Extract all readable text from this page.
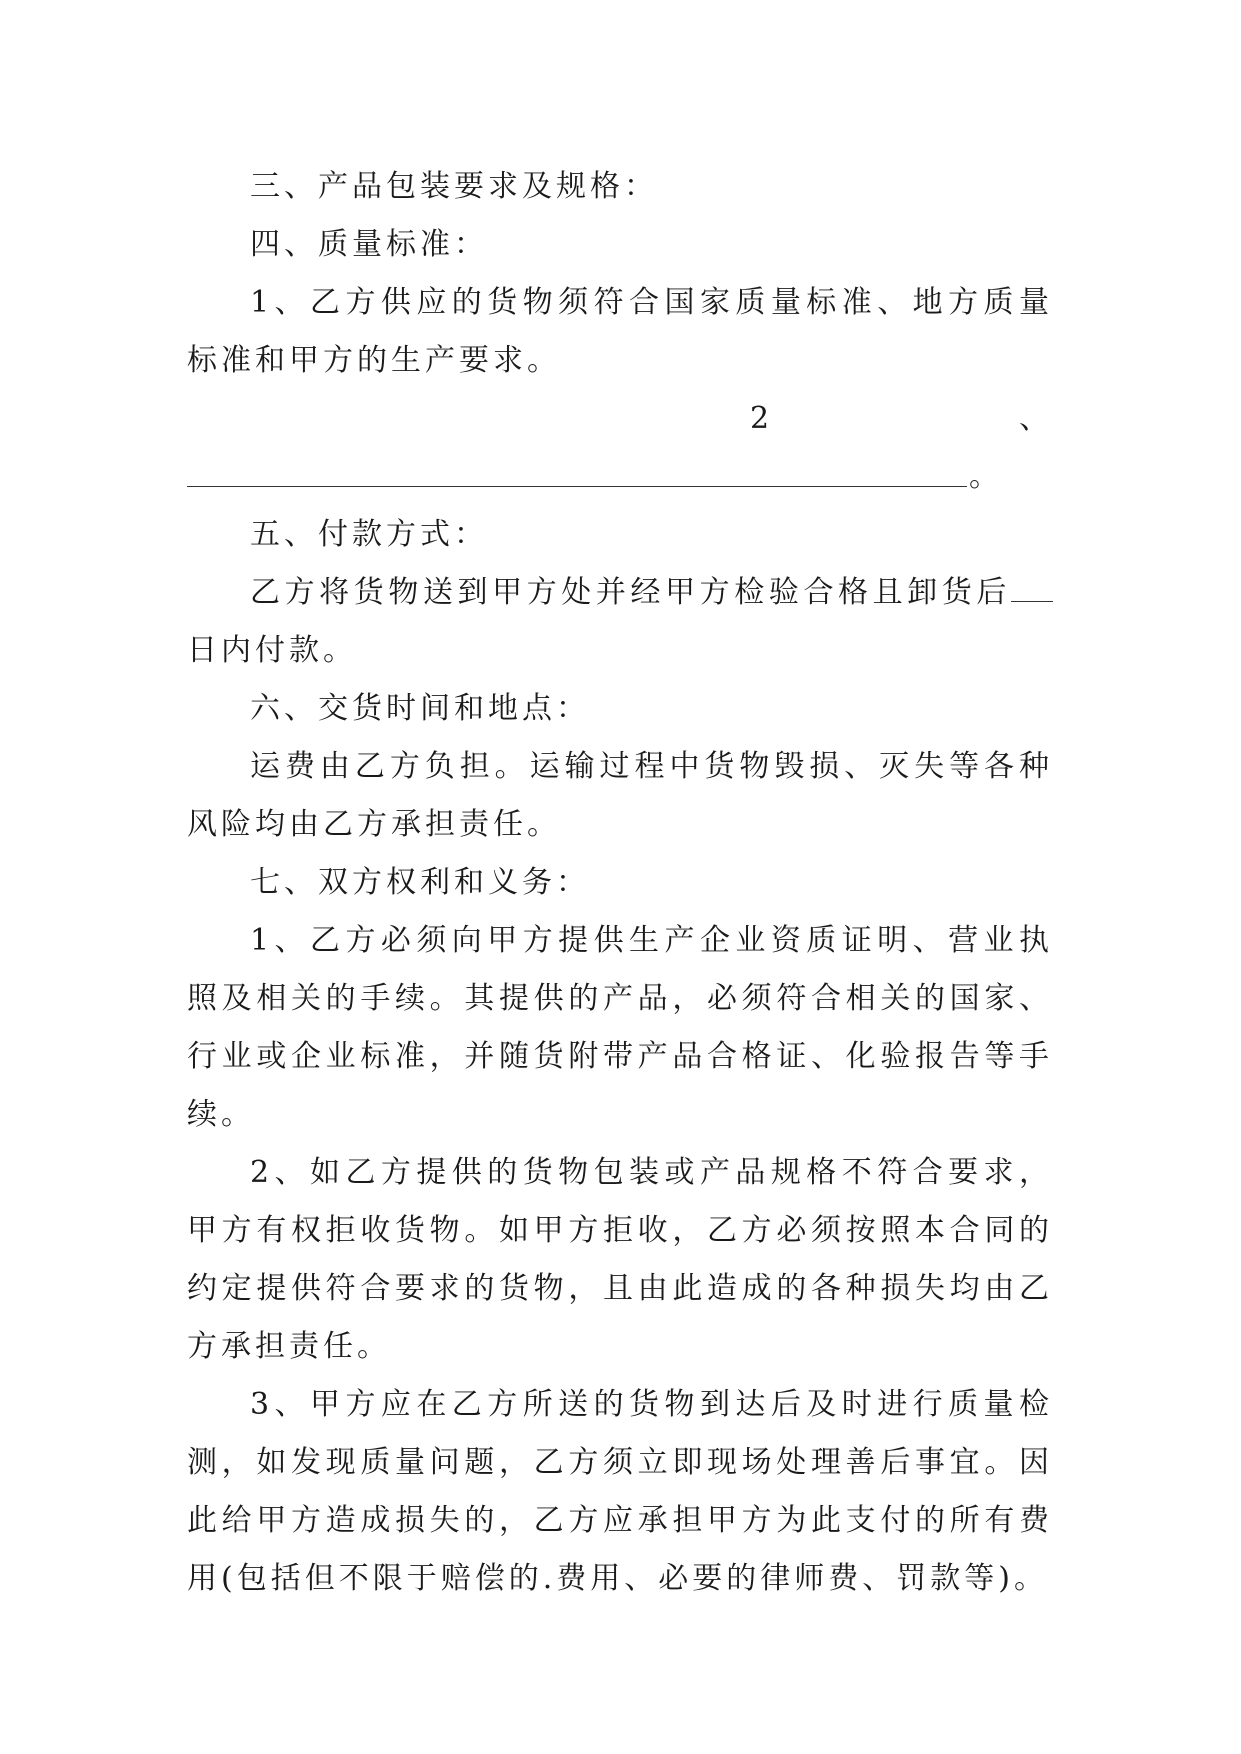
三、产品包装要求及规格：

四、质量标准：

1、乙方供应的货物须符合国家质量标准、地方质量标准和甲方的生产要求。

2	、
。

五、付款方式：

乙方将货物送到甲方处并经甲方检验合格且卸货后日内付款。

六、交货时间和地点：

运费由乙方负担。运输过程中货物毁损、灭失等各种风险均由乙方承担责任。

七、双方权利和义务：

1、乙方必须向甲方提供生产企业资质证明、营业执照及相关的手续。其提供的产品，必须符合相关的国家、行业或企业标准，并随货附带产品合格证、化验报告等手续。

2、如乙方提供的货物包装或产品规格不符合要求，甲方有权拒收货物。如甲方拒收，乙方必须按照本合同的约定提供符合要求的货物，且由此造成的各种损失均由乙方承担责任。

3、甲方应在乙方所送的货物到达后及时进行质量检测，如发现质量问题，乙方须立即现场处理善后事宜。因此给甲方造成损失的，乙方应承担甲方为此支付的所有费用(包括但不限于赔偿的.费用、必要的律师费、罚款等)。
